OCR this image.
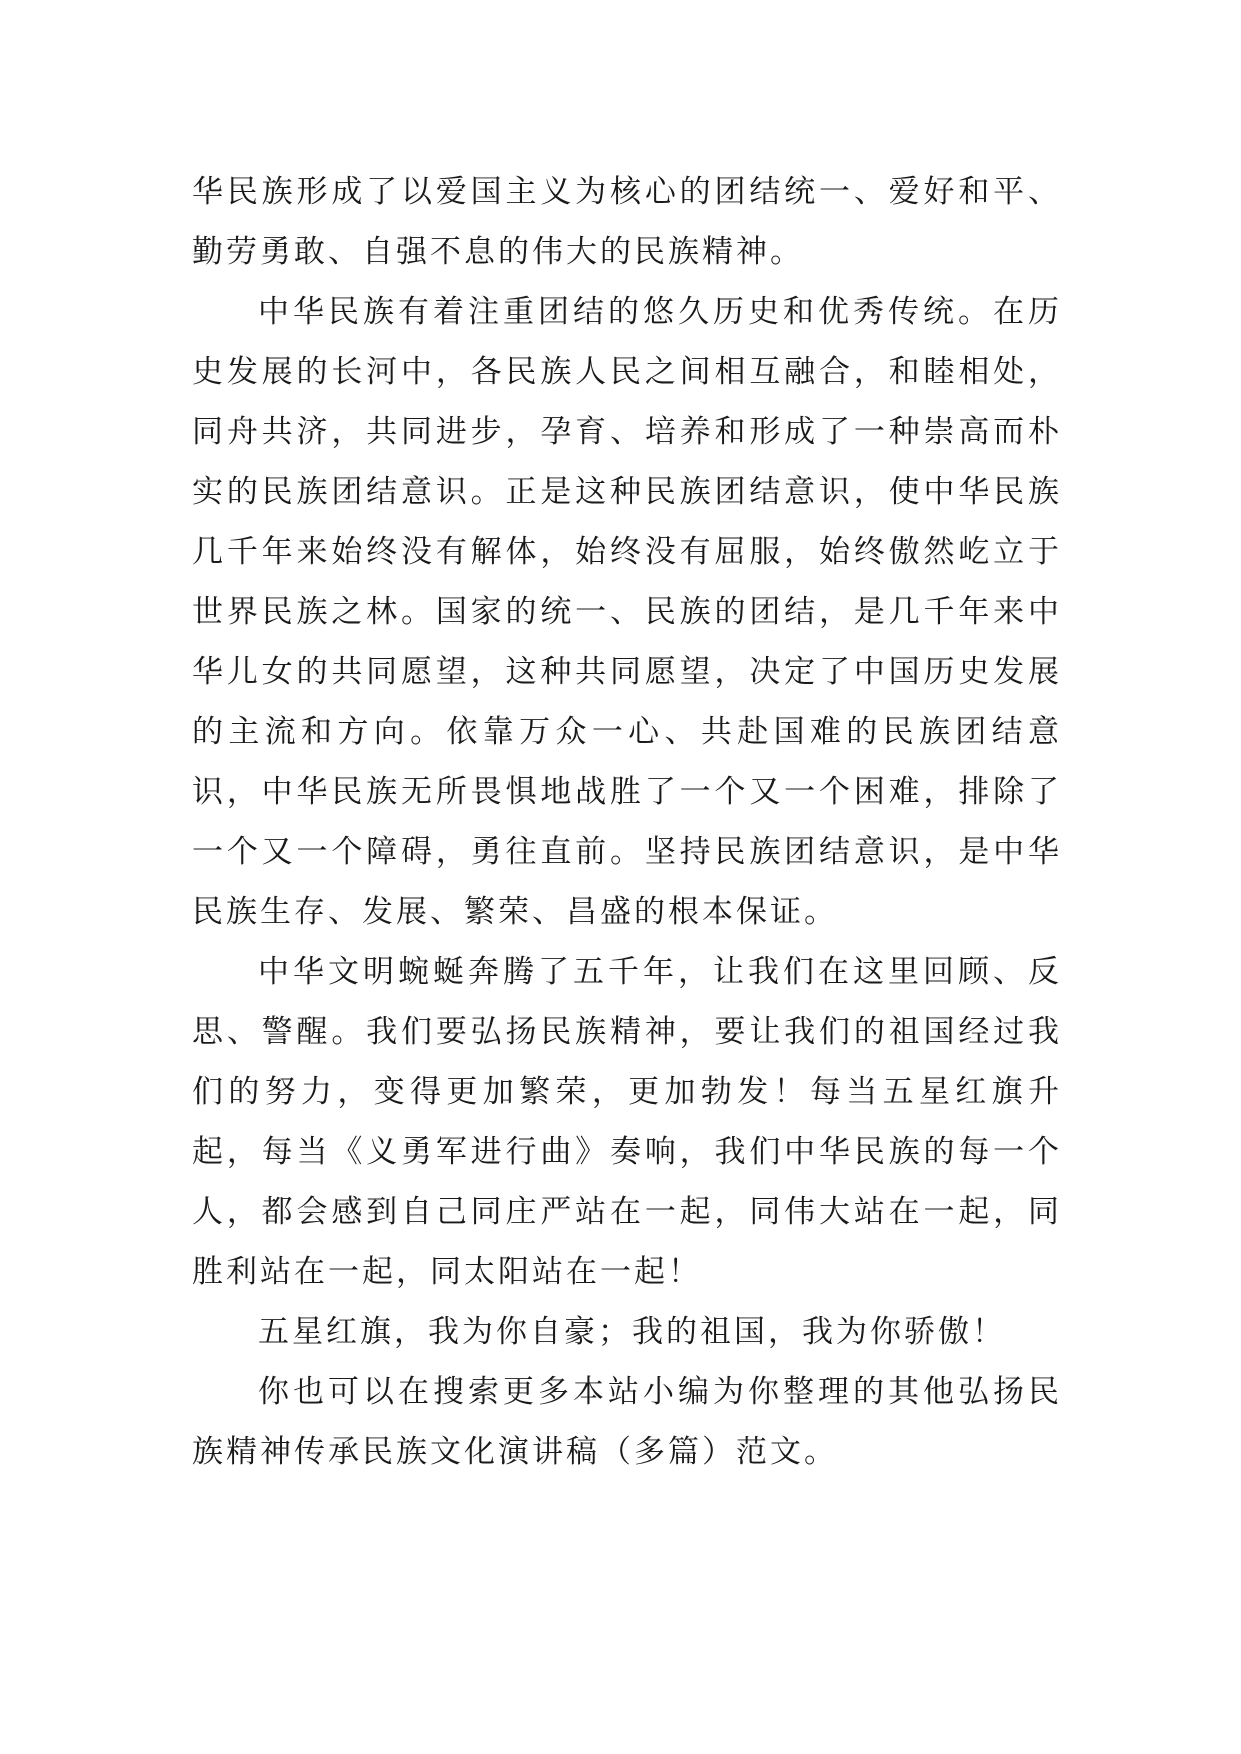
华民族形成了以爱国主义为核心的团结统一、爱好和平、勤劳勇敢、自强不息的伟大的民族精神。

中华民族有着注重团结的悠久历史和优秀传统。在历史发展的长河中，各民族人民之间相互融合，和睦相处，同舟共济，共同进步，孕育、培养和形成了一种崇高而朴实的民族团结意识。正是这种民族团结意识，使中华民族几千年来始终没有解体，始终没有屈服，始终傲然屹立于世界民族之林。国家的统一、民族的团结，是几千年来中华儿女的共同愿望，这种共同愿望，决定了中国历史发展的主流和方向。依靠万众一心、共赴国难的民族团结意识，中华民族无所畏惧地战胜了一个又一个困难，排除了一个又一个障碍，勇往直前。坚持民族团结意识，是中华民族生存、发展、繁荣、昌盛的根本保证。

中华文明蜿蜒奔腾了五千年，让我们在这里回顾、反思、警醒。我们要弘扬民族精神，要让我们的祖国经过我们的努力，变得更加繁荣，更加勃发！每当五星红旗升起，每当《义勇军进行曲》奏响，我们中华民族的每一个人，都会感到自己同庄严站在一起，同伟大站在一起，同胜利站在一起，同太阳站在一起！

五星红旗，我为你自豪；我的祖国，我为你骄傲！

你也可以在搜索更多本站小编为你整理的其他弘扬民族精神传承民族文化演讲稿（多篇）范文。
